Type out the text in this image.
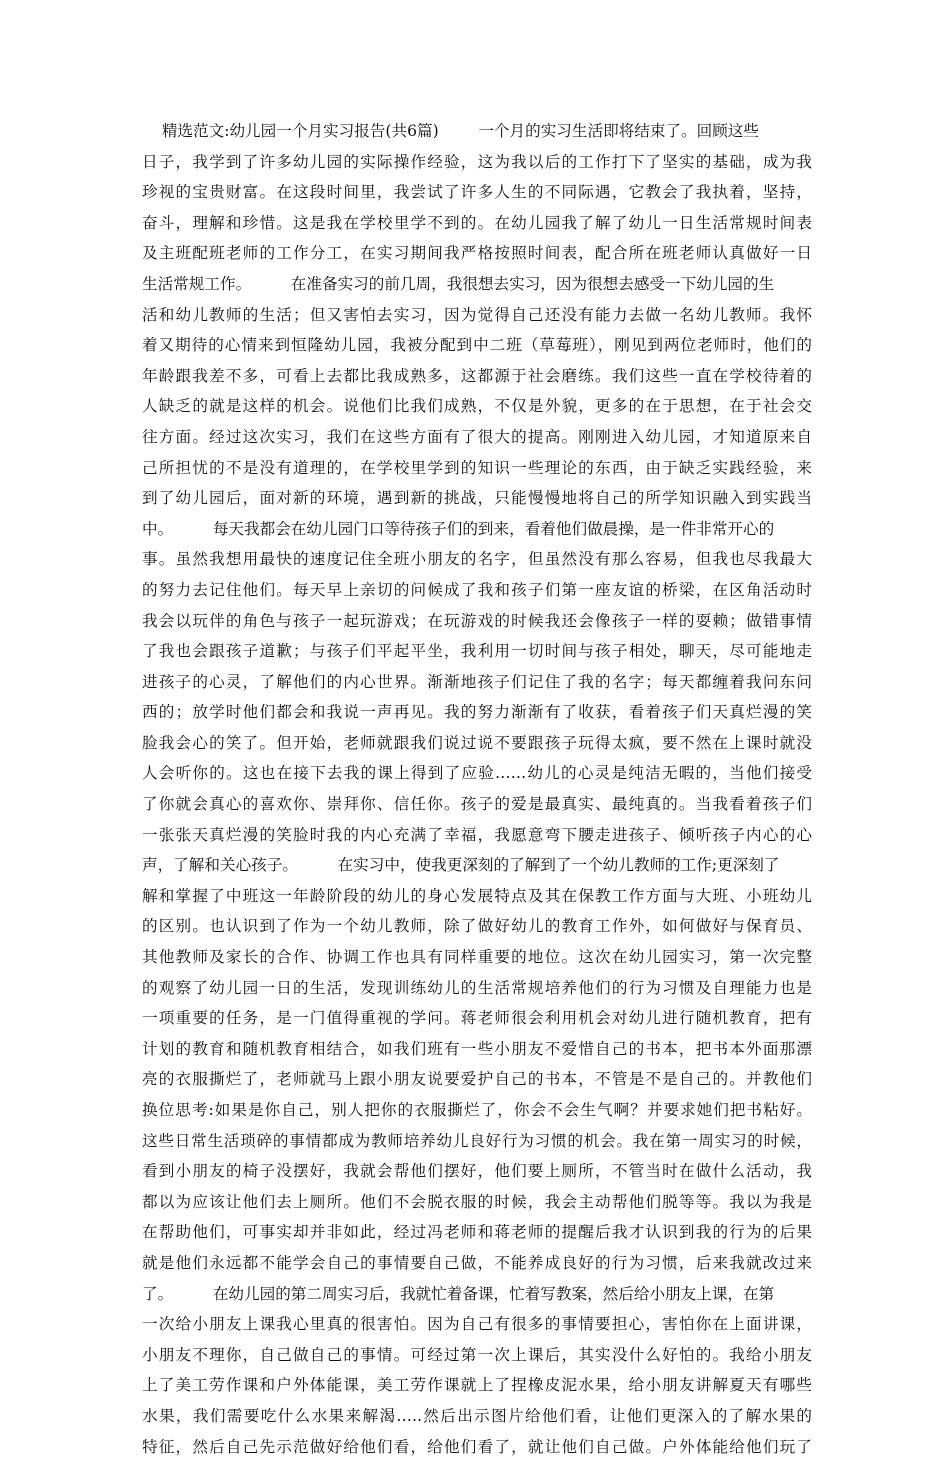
精选范文:幼儿园一个月实习报告(共6篇)        一个月的实习生活即将结束了。回顾这些
日子，我学到了许多幼儿园的实际操作经验，这为我以后的工作打下了坚实的基础，成为我
珍视的宝贵财富。在这段时间里，我尝试了许多人生的不同际遇，它教会了我执着，坚持，
奋斗，理解和珍惜。这是我在学校里学不到的。在幼儿园我了解了幼儿一日生活常规时间表
及主班配班老师的工作分工，在实习期间我严格按照时间表，配合所在班老师认真做好一日
生活常规工作。        在准备实习的前几周，我很想去实习，因为很想去感受一下幼儿园的生
活和幼儿教师的生活；但又害怕去实习，因为觉得自己还没有能力去做一名幼儿教师。我怀
着又期待的心情来到恒隆幼儿园，我被分配到中二班（草莓班），刚见到两位老师时，他们的
年龄跟我差不多，可看上去都比我成熟多，这都源于社会磨练。我们这些一直在学校待着的
人缺乏的就是这样的机会。说他们比我们成熟，不仅是外貌，更多的在于思想，在于社会交
往方面。经过这次实习，我们在这些方面有了很大的提高。刚刚进入幼儿园，才知道原来自
己所担忧的不是没有道理的，在学校里学到的知识一些理论的东西，由于缺乏实践经验，来
到了幼儿园后，面对新的环境，遇到新的挑战，只能慢慢地将自己的所学知识融入到实践当
中。        每天我都会在幼儿园门口等待孩子们的到来，看着他们做晨操，是一件非常开心的
事。虽然我想用最快的速度记住全班小朋友的名字，但虽然没有那么容易，但我也尽我最大
的努力去记住他们。每天早上亲切的问候成了我和孩子们第一座友谊的桥梁，在区角活动时
我会以玩伴的角色与孩子一起玩游戏；在玩游戏的时候我还会像孩子一样的耍赖；做错事情
了我也会跟孩子道歉；与孩子们平起平坐，我利用一切时间与孩子相处，聊天，尽可能地走
进孩子的心灵，了解他们的内心世界。渐渐地孩子们记住了我的名字；每天都缠着我问东问
西的；放学时他们都会和我说一声再见。我的努力渐渐有了收获，看着孩子们天真烂漫的笑
脸我会心的笑了。但开始，老师就跟我们说过说不要跟孩子玩得太疯，要不然在上课时就没
人会听你的。这也在接下去我的课上得到了应验……幼儿的心灵是纯洁无暇的，当他们接受
了你就会真心的喜欢你、崇拜你、信任你。孩子的爱是最真实、最纯真的。当我看着孩子们
一张张天真烂漫的笑脸时我的内心充满了幸福，我愿意弯下腰走进孩子、倾听孩子内心的心
声，了解和关心孩子。        在实习中，使我更深刻的了解到了一个幼儿教师的工作;更深刻了
解和掌握了中班这一年龄阶段的幼儿的身心发展特点及其在保教工作方面与大班、小班幼儿
的区别。也认识到了作为一个幼儿教师，除了做好幼儿的教育工作外，如何做好与保育员、
其他教师及家长的合作、协调工作也具有同样重要的地位。这次在幼儿园实习，第一次完整
的观察了幼儿园一日的生活，发现训练幼儿的生活常规培养他们的行为习惯及自理能力也是
一项重要的任务，是一门值得重视的学问。蒋老师很会利用机会对幼儿进行随机教育，把有
计划的教育和随机教育相结合，如我们班有一些小朋友不爱惜自己的书本，把书本外面那漂
亮的衣服撕烂了，老师就马上跟小朋友说要爱护自己的书本，不管是不是自己的。并教他们
换位思考:如果是你自己，别人把你的衣服撕烂了，你会不会生气啊？并要求她们把书粘好。
这些日常生活琐碎的事情都成为教师培养幼儿良好行为习惯的机会。我在第一周实习的时候，
看到小朋友的椅子没摆好，我就会帮他们摆好，他们要上厕所，不管当时在做什么活动，我
都以为应该让他们去上厕所。他们不会脱衣服的时候，我会主动帮他们脱等等。我以为我是
在帮助他们，可事实却并非如此，经过冯老师和蒋老师的提醒后我才认识到我的行为的后果
就是他们永远都不能学会自己的事情要自己做，不能养成良好的行为习惯，后来我就改过来
了。        在幼儿园的第二周实习后，我就忙着备课，忙着写教案，然后给小朋友上课，在第
一次给小朋友上课我心里真的很害怕。因为自己有很多的事情要担心，害怕你在上面讲课，
小朋友不理你，自己做自己的事情。可经过第一次上课后，其实没什么好怕的。我给小朋友
上了美工劳作课和户外体能课，美工劳作课就上了捏橡皮泥水果，给小朋友讲解夏天有哪些
水果，我们需要吃什么水果来解渴…..然后出示图片给他们看，让他们更深入的了解水果的
特征，然后自己先示范做好给他们看，给他们看了，就让他们自己做。户外体能给他们玩了
